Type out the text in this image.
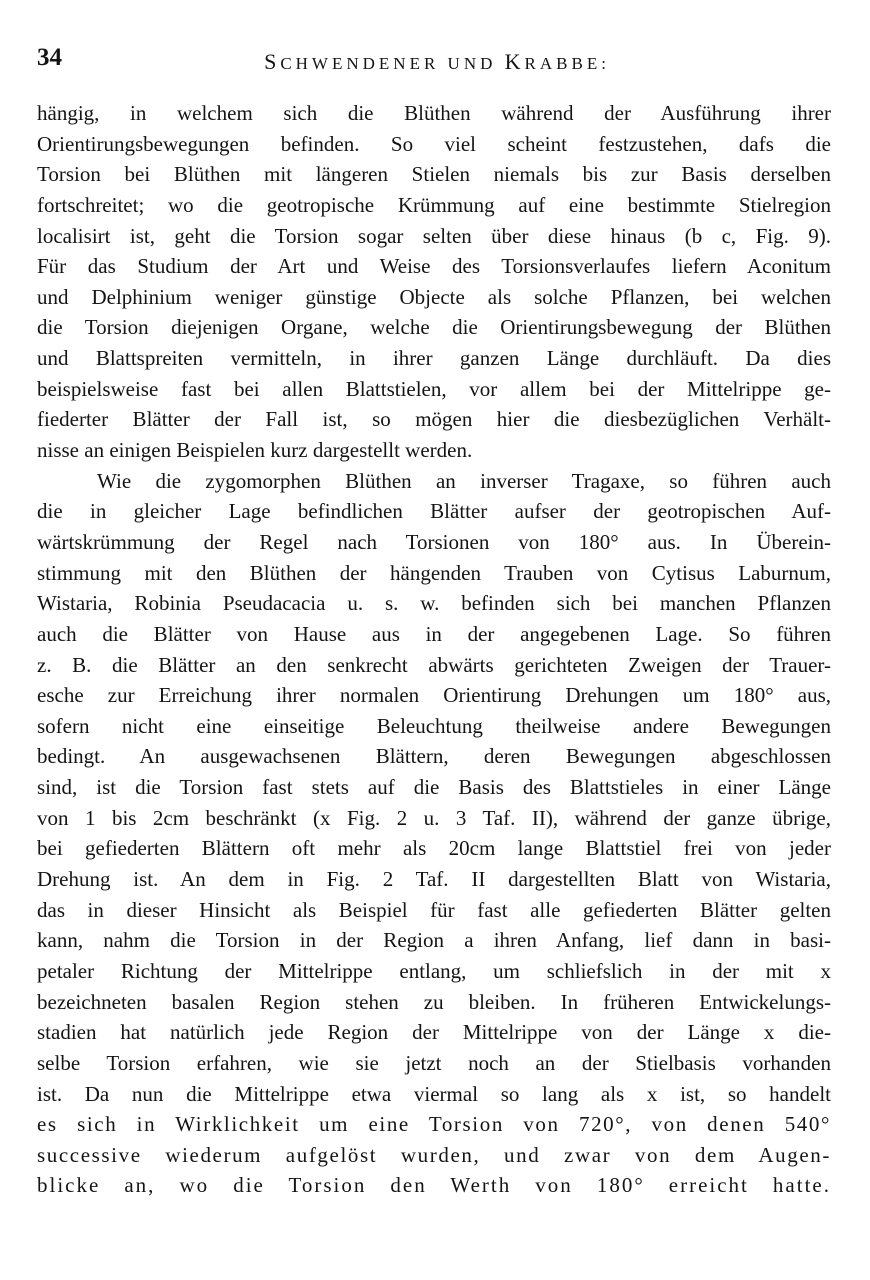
34	SCHWENDENER UND KRABBE:
hängig, in welchem sich die Blüthen während der Ausführung ihrer
Orientirungsbewegungen befinden. So viel scheint festzustehen, dafs die
Torsion bei Blüthen mit längeren Stielen niemals bis zur Basis derselben
fortschreitet; wo die geotropische Krümmung auf eine bestimmte Stielregion
localisirt ist, geht die Torsion sogar selten über diese hinaus (b c, Fig. 9).
Für das Studium der Art und Weise des Torsionsverlaufes liefern Aconitum
und Delphinium weniger günstige Objecte als solche Pflanzen, bei welchen
die Torsion diejenigen Organe, welche die Orientirungsbewegung der Blüthen
und Blattspreiten vermitteln, in ihrer ganzen Länge durchläuft. Da dies
beispielsweise fast bei allen Blattstielen, vor allem bei der Mittelrippe ge-
fiederter Blätter der Fall ist, so mögen hier die diesbezüglichen Verhält-
nisse an einigen Beispielen kurz dargestellt werden.
Wie die zygomorphen Blüthen an inverser Tragaxe, so führen auch
die in gleicher Lage befindlichen Blätter aufser der geotropischen Auf-
wärtskrümmung der Regel nach Torsionen von 180° aus. In Überein-
stimmung mit den Blüthen der hängenden Trauben von Cytisus Laburnum,
Wistaria, Robinia Pseudacacia u. s. w. befinden sich bei manchen Pflanzen
auch die Blätter von Hause aus in der angegebenen Lage. So führen
z. B. die Blätter an den senkrecht abwärts gerichteten Zweigen der Trauer-
esche zur Erreichung ihrer normalen Orientirung Drehungen um 180° aus,
sofern nicht eine einseitige Beleuchtung theilweise andere Bewegungen
bedingt. An ausgewachsenen Blättern, deren Bewegungen abgeschlossen
sind, ist die Torsion fast stets auf die Basis des Blattstieles in einer Länge
von 1 bis 2cm beschränkt (x Fig. 2 u. 3 Taf. II), während der ganze übrige,
bei gefiederten Blättern oft mehr als 20cm lange Blattstiel frei von jeder
Drehung ist. An dem in Fig. 2 Taf. II dargestellten Blatt von Wistaria,
das in dieser Hinsicht als Beispiel für fast alle gefiederten Blätter gelten
kann, nahm die Torsion in der Region a ihren Anfang, lief dann in basi-
petaler Richtung der Mittelrippe entlang, um schliefslich in der mit x
bezeichneten basalen Region stehen zu bleiben. In früheren Entwickelungs-
stadien hat natürlich jede Region der Mittelrippe von der Länge x die-
selbe Torsion erfahren, wie sie jetzt noch an der Stielbasis vorhanden
ist. Da nun die Mittelrippe etwa viermal so lang als x ist, so handelt
es sich in Wirklichkeit um eine Torsion von 720°, von denen 540°
successive wiederum aufgelöst wurden, und zwar von dem Augen-
blicke an, wo die Torsion den Werth von 180° erreicht hatte.
